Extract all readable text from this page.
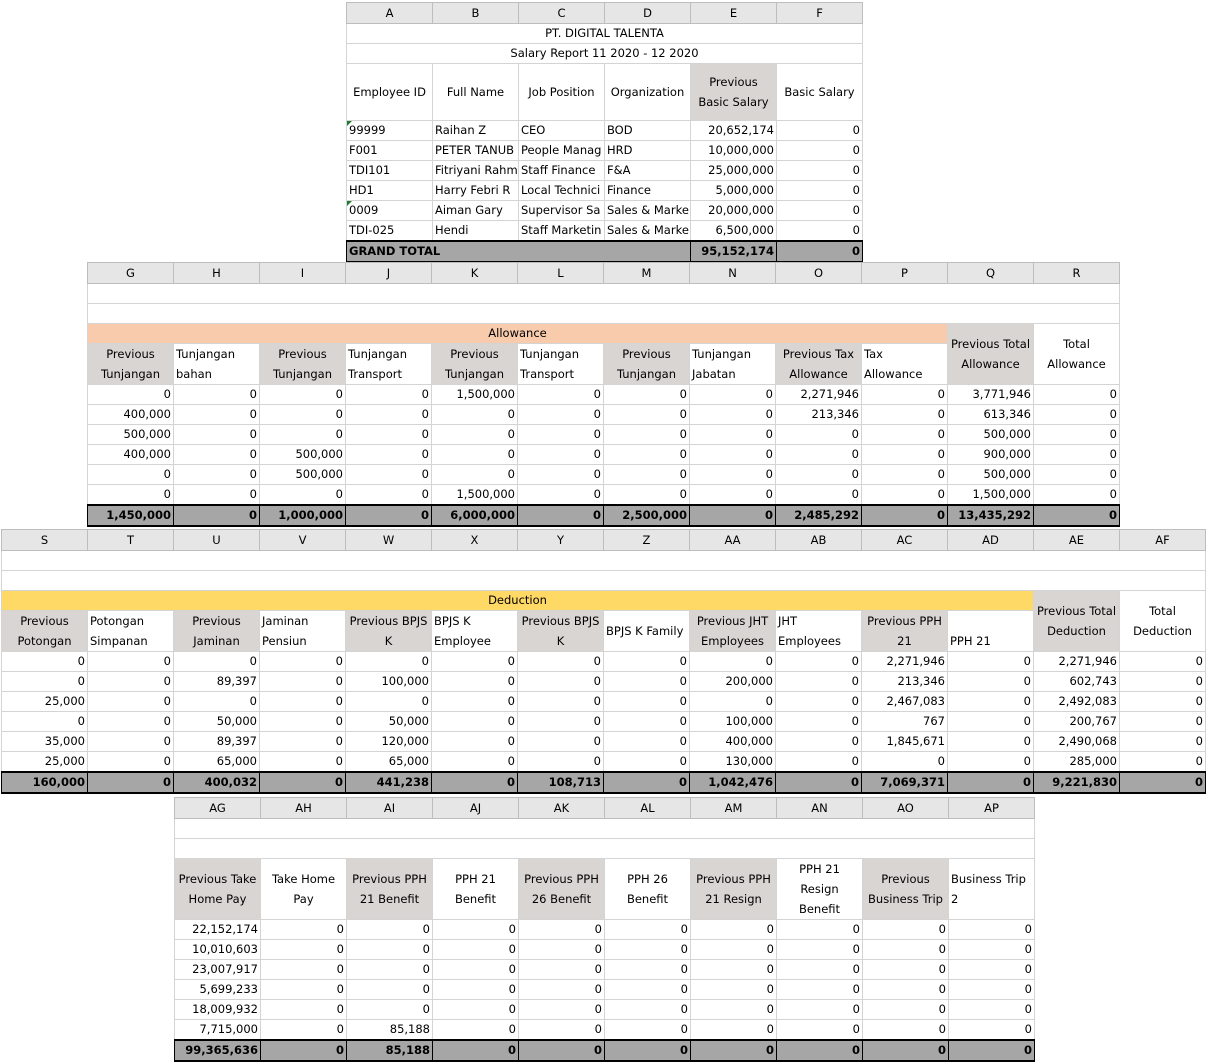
A	B	C	D	E	F
PT. DIGITAL TALENTA					
Salary Report 11 2020 - 12 2020					
Employee ID	Full Name	Job Position	Organization	Previous Basic Salary	Basic Salary
99999	Raihan Z	CEO	BOD	20,652,174	0
F001	PETER TANUB	People Manag	HRD	10,000,000	0
TDI101	Fitriyani Rahm	Staff Finance	F&A	25,000,000	0
HD1	Harry Febri R	Local Technici	Finance	5,000,000	0
0009	Aiman Gary	Supervisor Sa	Sales & Marke	20,000,000	0
TDI-025	Hendi	Staff Marketin	Sales & Marke	6,500,000	0
GRAND TOTAL				95,152,174	0
G	H	I	J	K	L	M	N	O	P	Q	R

Allowance										Previous Total Allowance	Total Allowance
Previous Tunjangan	Tunjangan bahan	Previous Tunjangan	Tunjangan Transport	Previous Tunjangan	Tunjangan Transport	Previous Tunjangan	Tunjangan Jabatan	Previous Tax Allowance	Tax Allowance		
0	0	0	0	1,500,000	0	0	0	2,271,946	0	3,771,946	0
400,000	0	0	0	0	0	0	0	213,346	0	613,346	0
500,000	0	0	0	0	0	0	0	0	0	500,000	0
400,000	0	500,000	0	0	0	0	0	0	0	900,000	0
0	0	500,000	0	0	0	0	0	0	0	500,000	0
0	0	0	0	1,500,000	0	0	0	0	0	1,500,000	0
1,450,000	0	1,000,000	0	6,000,000	0	2,500,000	0	2,485,292	0	13,435,292	0
S	T	U	V	W	X	Y	Z	AA	AB	AC	AD	AE	AF

Deduction												Previous Total Deduction	Total Deduction
Previous Potongan	Potongan Simpanan	Previous Jaminan	Jaminan Pensiun	Previous BPJS K	BPJS K Employee	Previous BPJS K	BPJS K Family	Previous JHT Employees	JHT Employees	Previous PPH 21	PPH 21		
0	0	0	0	0	0	0	0	0	0	2,271,946	0	2,271,946	0
0	0	89,397	0	100,000	0	0	0	200,000	0	213,346	0	602,743	0
25,000	0	0	0	0	0	0	0	0	0	2,467,083	0	2,492,083	0
0	0	50,000	0	50,000	0	0	0	100,000	0	767	0	200,767	0
35,000	0	89,397	0	120,000	0	0	0	400,000	0	1,845,671	0	2,490,068	0
25,000	0	65,000	0	65,000	0	0	0	130,000	0	0	0	285,000	0
160,000	0	400,032	0	441,238	0	108,713	0	1,042,476	0	7,069,371	0	9,221,830	0
AG	AH	AI	AJ	AK	AL	AM	AN	AO	AP

Previous Take Home Pay	Take Home Pay	Previous PPH 21 Benefit	PPH 21 Benefit	Previous PPH 26 Benefit	PPH 26 Benefit	Previous PPH 21 Resign	PPH 21 Resign Benefit	Previous Business Trip	Business Trip 2
22,152,174	0	0	0	0	0	0	0	0	0
10,010,603	0	0	0	0	0	0	0	0	0
23,007,917	0	0	0	0	0	0	0	0	0
5,699,233	0	0	0	0	0	0	0	0	0
18,009,932	0	0	0	0	0	0	0	0	0
7,715,000	0	85,188	0	0	0	0	0	0	0
99,365,636	0	85,188	0	0	0	0	0	0	0
